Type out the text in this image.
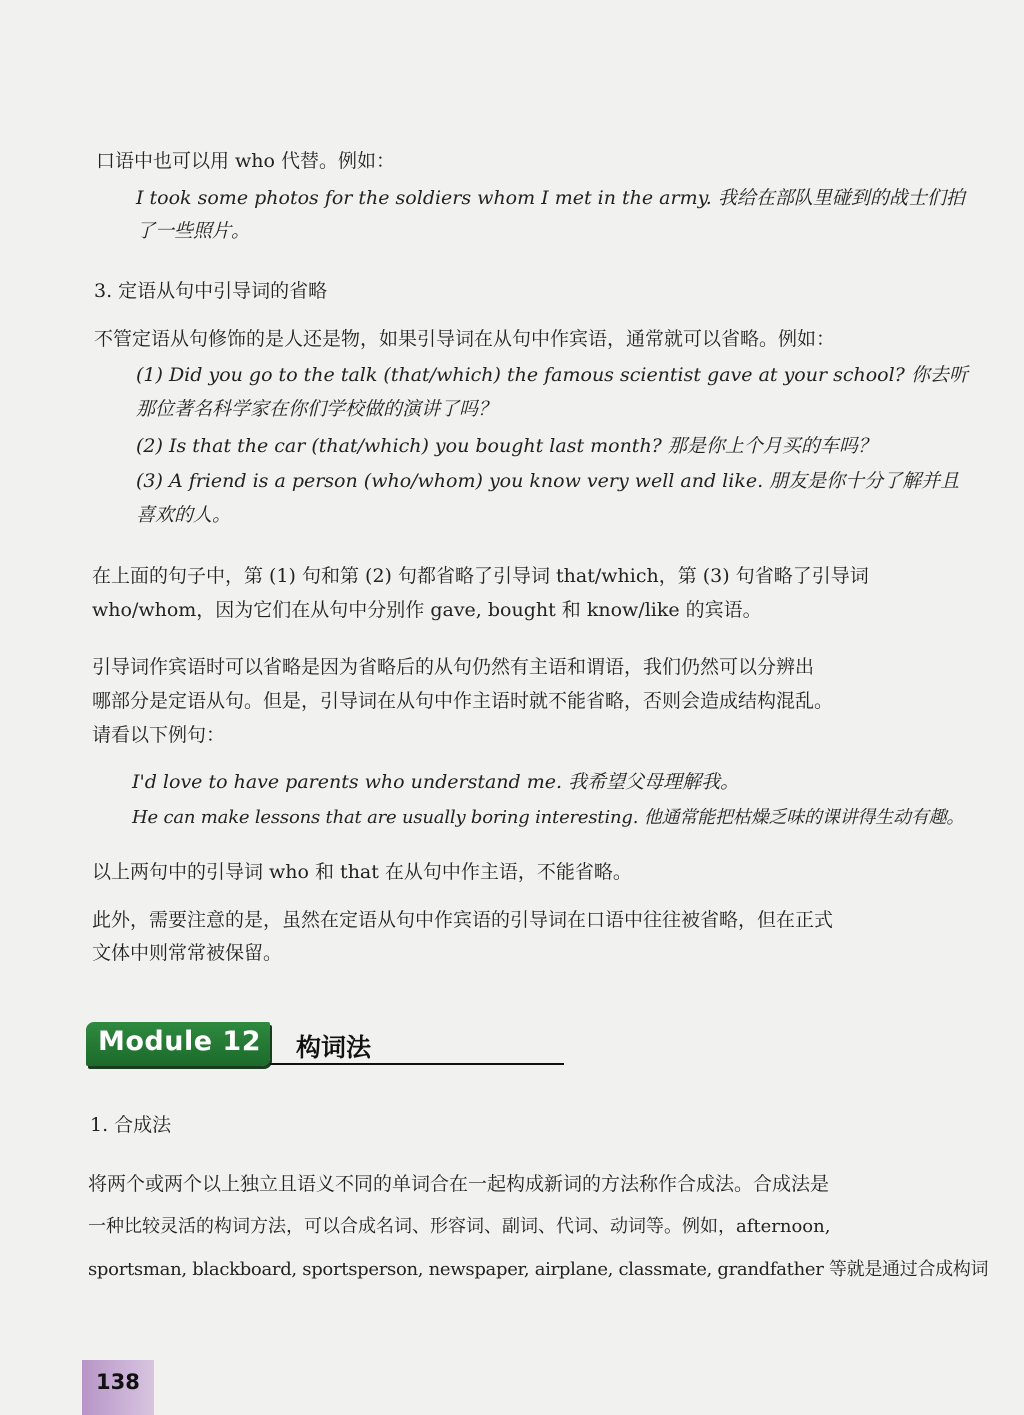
口语中也可以用 who 代替。例如：
I took some photos for the soldiers whom I met in the army. 我给在部队里碰到的战士们拍
了一些照片。
3. 定语从句中引导词的省略
不管定语从句修饰的是人还是物，如果引导词在从句中作宾语，通常就可以省略。例如：
(1) Did you go to the talk (that/which) the famous scientist gave at your school? 你去听
那位著名科学家在你们学校做的演讲了吗？
(2) Is that the car (that/which) you bought last month? 那是你上个月买的车吗？
(3) A friend is a person (who/whom) you know very well and like. 朋友是你十分了解并且
喜欢的人。
在上面的句子中，第 (1) 句和第 (2) 句都省略了引导词 that/which，第 (3) 句省略了引导词
who/whom，因为它们在从句中分别作 gave, bought 和 know/like 的宾语。
引导词作宾语时可以省略是因为省略后的从句仍然有主语和谓语，我们仍然可以分辨出
哪部分是定语从句。但是，引导词在从句中作主语时就不能省略，否则会造成结构混乱。
请看以下例句：
I'd love to have parents who understand me. 我希望父母理解我。
He can make lessons that are usually boring interesting. 他通常能把枯燥乏味的课讲得生动有趣。
以上两句中的引导词 who 和 that 在从句中作主语，不能省略。
此外，需要注意的是，虽然在定语从句中作宾语的引导词在口语中往往被省略，但在正式
文体中则常常被保留。
Module 12 构词法
1. 合成法
将两个或两个以上独立且语义不同的单词合在一起构成新词的方法称作合成法。合成法是
一种比较灵活的构词方法，可以合成名词、形容词、副词、代词、动词等。例如，afternoon,
sportsman, blackboard, sportsperson, newspaper, airplane, classmate, grandfather 等就是通过合成构词
138
